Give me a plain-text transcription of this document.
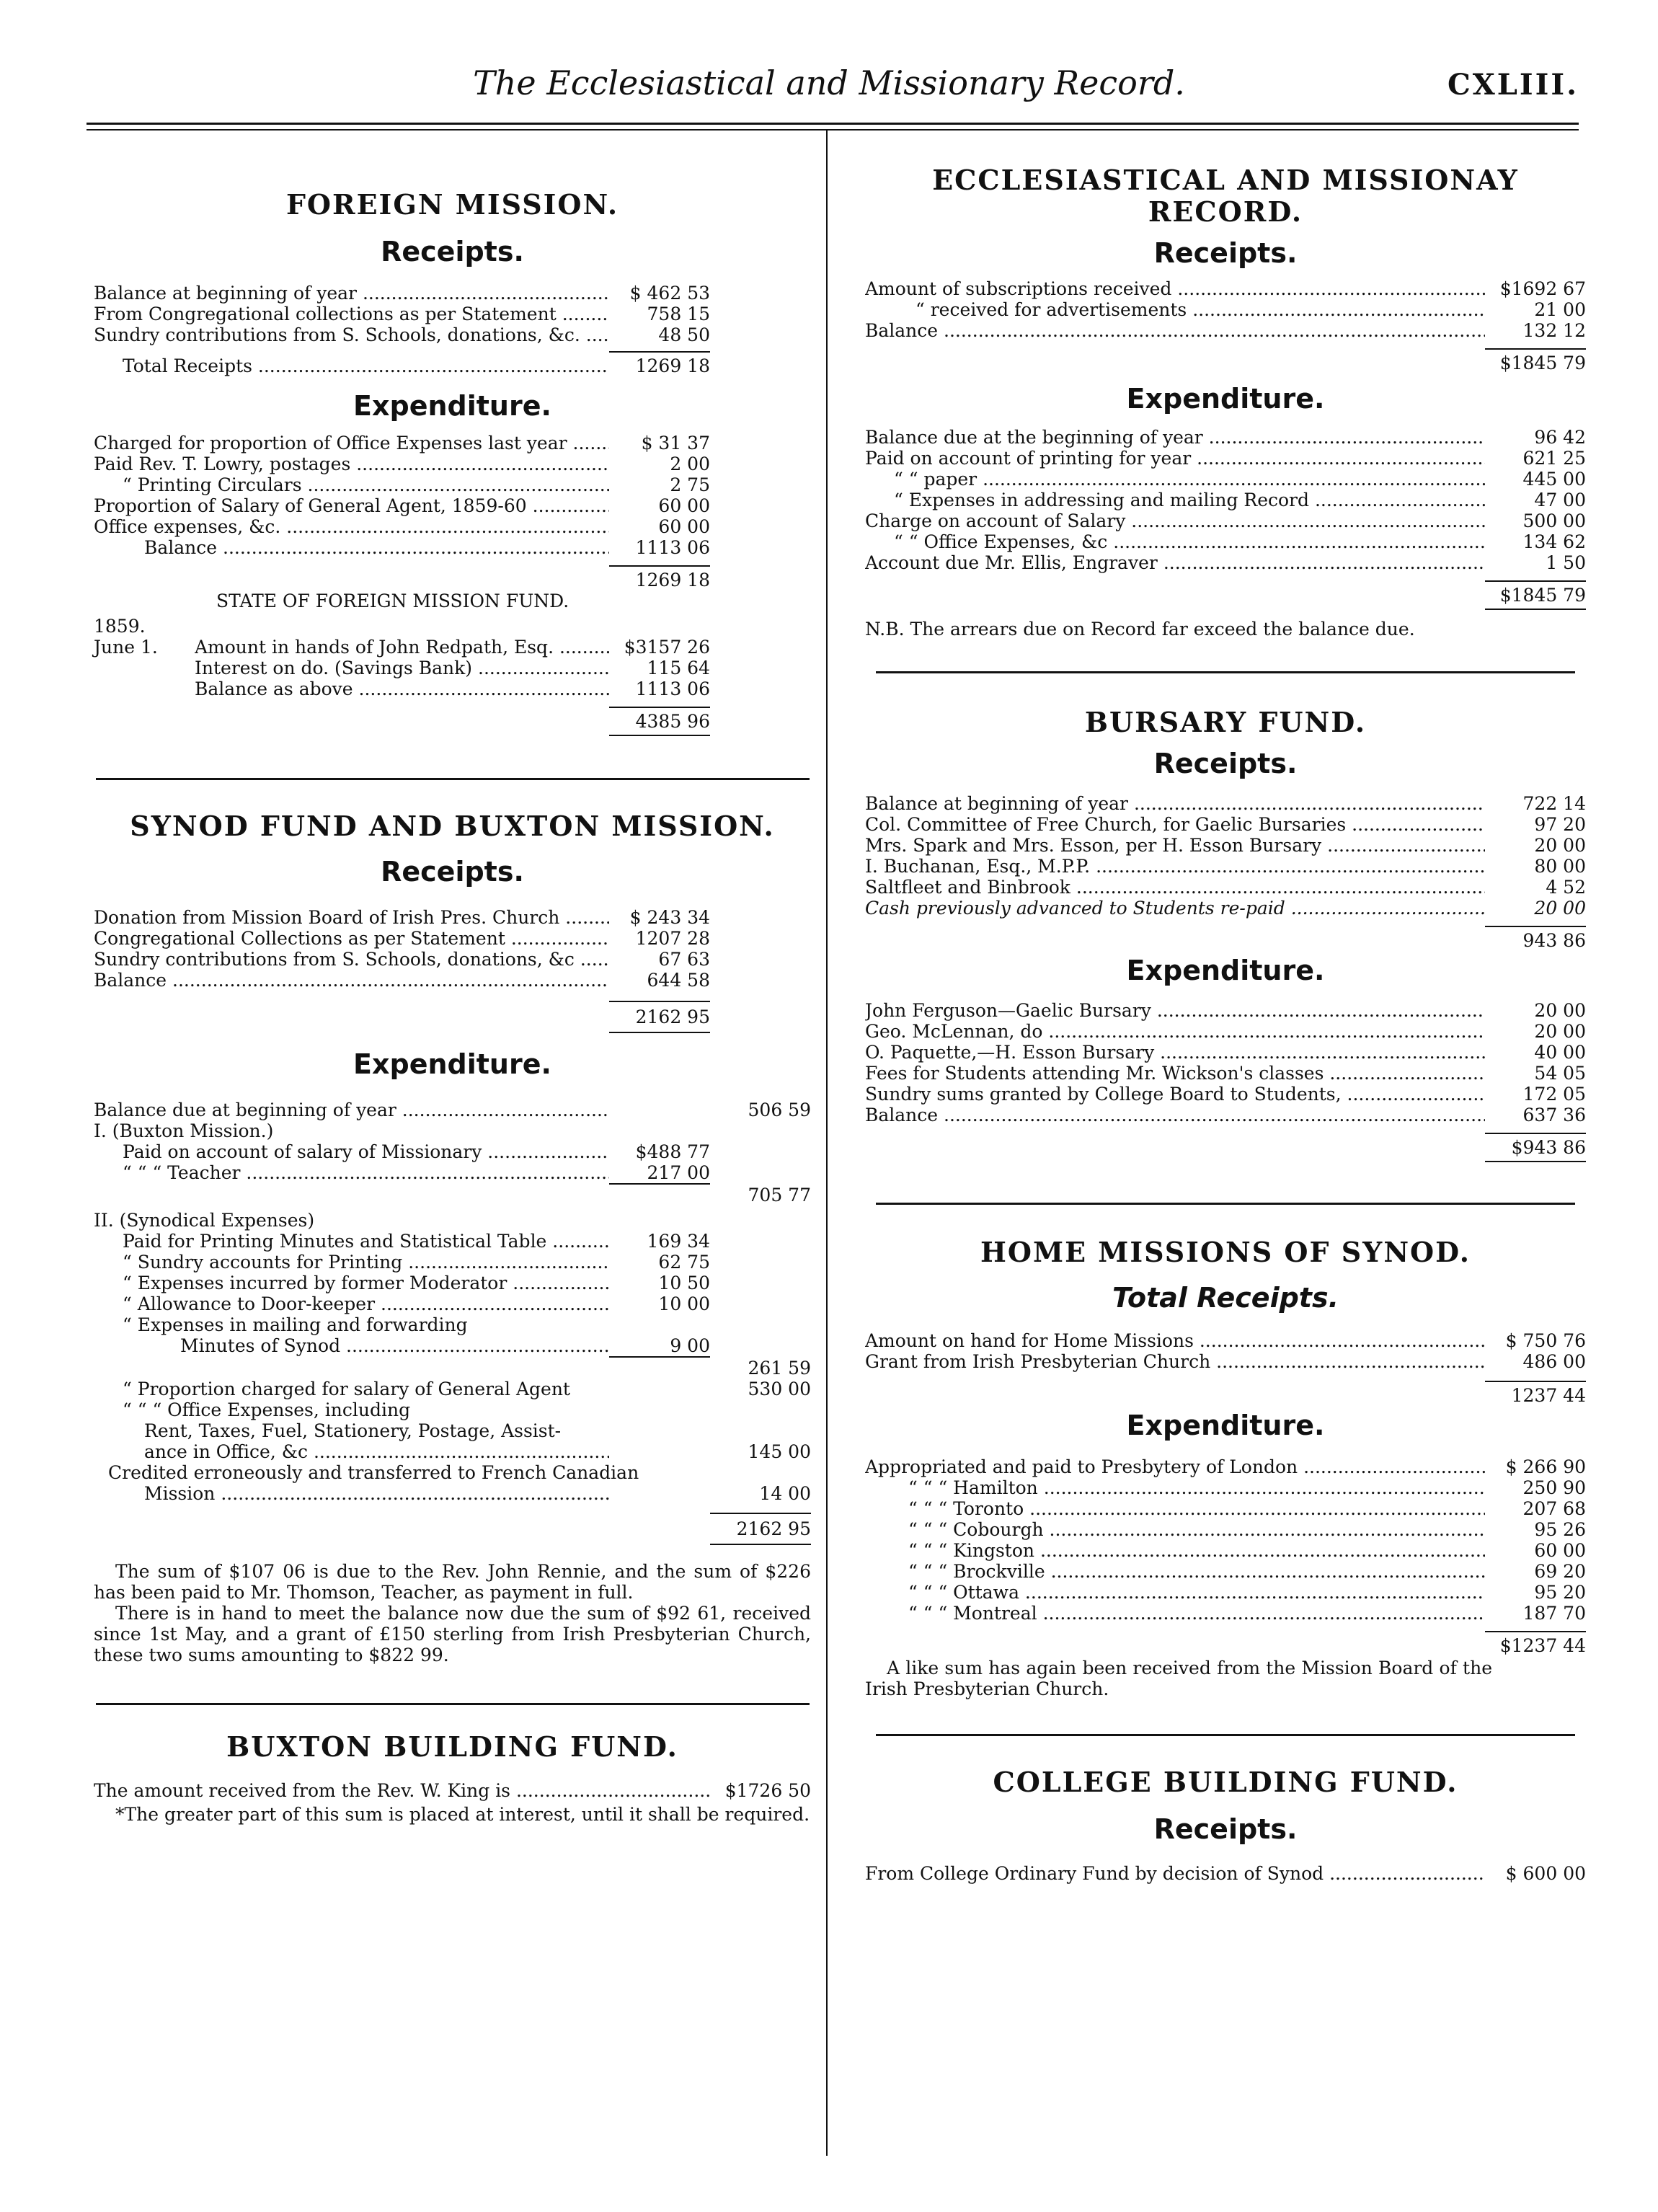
The Ecclesiastical and Missionary Record.	CXLIII.
FOREIGN MISSION.
Receipts.
Balance at beginning of year .....	$ 462 53
From Congregational collections as per Statement .....	758 15
Sundry contributions from S. Schools, donations, &c. .....	48 50
Total Receipts .....	1269 18
Expenditure.
Charged for proportion of Office Expenses last year .....	$ 31 37
Paid Rev. T. Lowry, postages .....	2 00
“ Printing Circulars .....	2 75
Proportion of Salary of General Agent, 1859-60 .....	60 00
Office expenses, &c. .....	60 00
Balance .....	1113 06
1269 18
STATE OF FOREIGN MISSION FUND.
1859.
June 1.	Amount in hands of John Redpath, Esq. .....	$3157 26
Interest on do. (Savings Bank) .....	115 64
Balance as above .....	1113 06
4385 96
SYNOD FUND AND BUXTON MISSION.
Receipts.
Donation from Mission Board of Irish Pres. Church .....	$ 243 34
Congregational Collections as per Statement .....	1207 28
Sundry contributions from S. Schools, donations, &c .....	67 63
Balance .....	644 58
2162 95
Expenditure.
Balance due at beginning of year .....	506 59
I. (Buxton Mission.)
Paid on account of salary of Missionary .....	$488 77
“ “ “ Teacher .....	217 00

705 77
II. (Synodical Expenses)
Paid for Printing Minutes and Statistical Table .....	169 34
“ Sundry accounts for Printing .....	62 75
“ Expenses incurred by former Moderator .....	10 50
“ Allowance to Door-keeper .....	10 00
“ Expenses in mailing and forwarding
Minutes of Synod .....	9 00

261 59
“ Proportion charged for salary of General Agent	530 00
“ “ “ Office Expenses, including
Rent, Taxes, Fuel, Stationery, Postage, Assist-
ance in Office, &c .....	145 00
Credited erroneously and transferred to French Canadian
Mission .....	14 00
2162 95

The sum of $107 06 is due to the Rev. John Rennie, and the sum of $226 has been paid to Mr. Thomson, Teacher, as payment in full.

There is in hand to meet the balance now due the sum of $92 61, received since 1st May, and a grant of £150 sterling from Irish Presbyterian Church, these two sums amounting to $822 99.

BUXTON BUILDING FUND.
The amount received from the Rev. W. King is .....	$1726 50

*The greater part of this sum is placed at interest, until it shall be required.

ECCLESIASTICAL AND MISSIONAY RECORD.
Receipts.
Amount of subscriptions received .....	$1692 67
“ received for advertisements .....	21 00
Balance .....	132 12
$1845 79
Expenditure.
Balance due at the beginning of year .....	96 42
Paid on account of printing for year .....	621 25
“ “ paper .....	445 00
“ Expenses in addressing and mailing Record .....	47 00
Charge on account of Salary .....	500 00
“ “ Office Expenses, &c .....	134 62
Account due Mr. Ellis, Engraver .....	1 50
$1845 79
N.B. The arrears due on Record far exceed the balance due.
BURSARY FUND.
Receipts.
Balance at beginning of year .....	722 14
Col. Committee of Free Church, for Gaelic Bursaries .....	97 20
Mrs. Spark and Mrs. Esson, per H. Esson Bursary .....	20 00
I. Buchanan, Esq., M.P.P. .....	80 00
Saltfleet and Binbrook .....	4 52
Cash previously advanced to Students re-paid .....	20 00
943 86
Expenditure.
John Ferguson—Gaelic Bursary .....	20 00
Geo. McLennan, do .....	20 00
O. Paquette,—H. Esson Bursary .....	40 00
Fees for Students attending Mr. Wickson's classes .....	54 05
Sundry sums granted by College Board to Students, .....	172 05
Balance .....	637 36
$943 86
HOME MISSIONS OF SYNOD.
Total Receipts.
Amount on hand for Home Missions .....	$ 750 76
Grant from Irish Presbyterian Church .....	486 00
1237 44
Expenditure.
Appropriated and paid to Presbytery of London .....	$ 266 90
“ “ “ Hamilton .....	250 90
“ “ “ Toronto .....	207 68
“ “ “ Cobourgh .....	95 26
“ “ “ Kingston .....	60 00
“ “ “ Brockville .....	69 20
“ “ “ Ottawa .....	95 20
“ “ “ Montreal .....	187 70
$1237 44

A like sum has again been received from the Mission Board of the Irish Presbyterian Church.

COLLEGE BUILDING FUND.
Receipts.
From College Ordinary Fund by decision of Synod .....	$ 600 00
